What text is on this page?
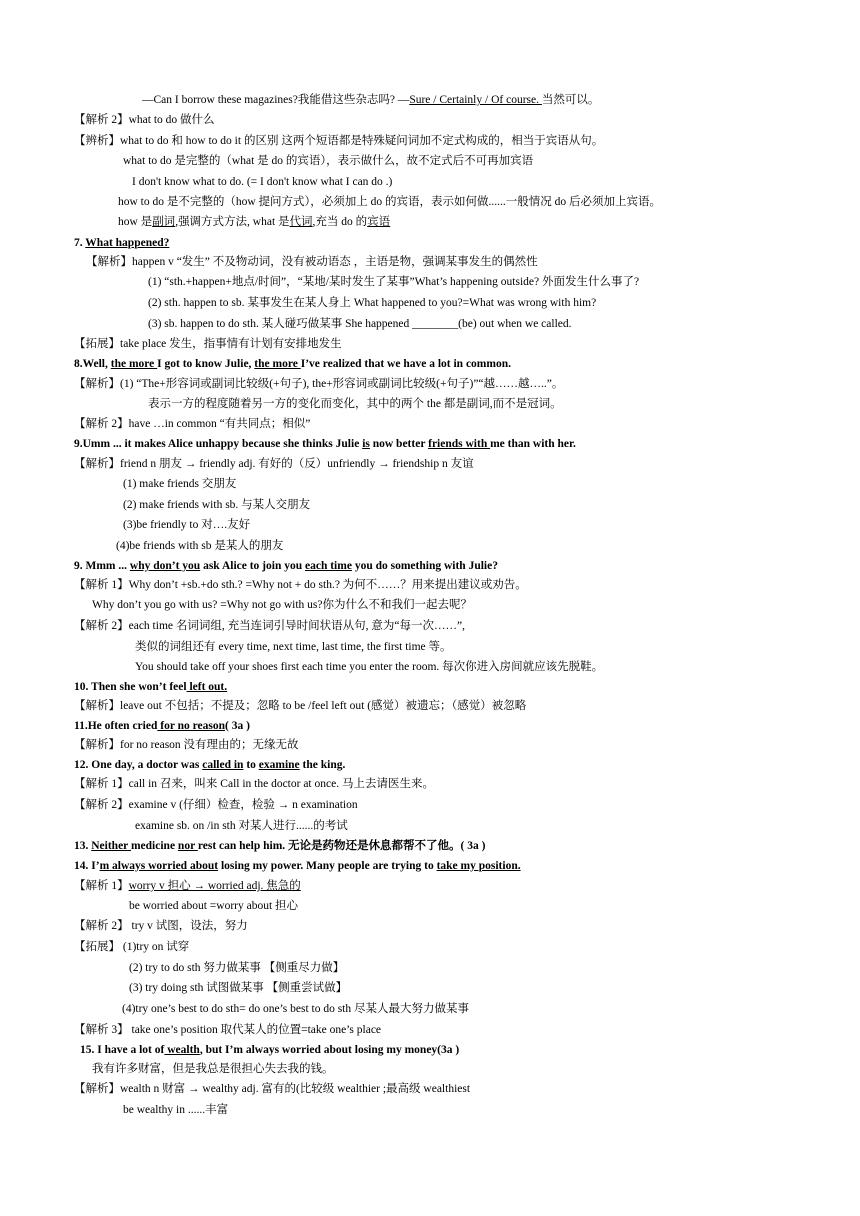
—Can I borrow these magazines?我能借这些杂志吗? —Sure / Certainly / Of course. 当然可以。
【解析 2】what to do 做什么
【辨析】what to do 和 how to do it 的区别 这两个短语都是特殊疑问词加不定式构成的，相当于宾语从句。
what to do 是完整的（what 是 do 的宾语），表示做什么，故不定式后不可再加宾语
I don't know what to do. (= I don't know what I can do .)
how to do 是不完整的（how 提问方式），必须加上 do 的宾语，表示如何做......一般情况 do 后必须加上宾语。
how 是副词,强调方式方法, what 是代词,充当 do 的宾语
7. What happened?
【解析】happen v “发生” 不及物动词，没有被动语态 ，主语是物，强调某事发生的偶然性
(1) “sth.+happen+地点/时间”，“某地/某时发生了某事”What’s happening outside? 外面发生什么事了?
(2) sth. happen to sb. 某事发生在某人身上 What happened to you?=What was wrong with him?
(3) sb. happen to do sth. 某人碰巧做某事 She happened ________(be) out when we called.
【拓展】take place 发生，指事情有计划有安排地发生
8.Well, the more I got to know Julie, the more I’ve realized that we have a lot in common.
【解析】(1) “The+形容词或副词比较级(+句子), the+形容词或副词比较级(+句子)”“越……越…..”。
表示一方的程度随着另一方的变化而变化，其中的两个 the 都是副词,而不是冠词。
【解析 2】have …in common “有共同点；相似”
9.Umm ... it makes Alice unhappy because she thinks Julie is now better friends with me than with her.
【解析】friend n 朋友 → friendly adj. 有好的（反）unfriendly → friendship n 友谊
(1) make friends 交朋友
(2) make friends with sb. 与某人交朋友
(3)be friendly to 对….友好
(4)be friends with sb 是某人的朋友
9. Mmm ... why don’t you ask Alice to join you each time you do something with Julie?
【解析 1】Why don’t +sb.+do sth.? =Why not + do sth.? 为何不……？用来提出建议或劝告。
Why don’t you go with us? =Why not go with us?你为什么不和我们一起去呢？
【解析 2】each time 名词词组, 充当连词引导时间状语从句, 意为“每一次……”,
类似的词组还有 every time, next time, last time, the first time 等。
You should take off your shoes first each time you enter the room. 每次你进入房间就应该先脱鞋。
10. Then she won’t feel left out.
【解析】leave out 不包括；不提及；忽略 to be /feel left out (感觉）被遗忘；（感觉）被忽略
11.He often cried for no reason( 3a )
【解析】for no reason 没有理由的；无缘无故
12. One day, a doctor was called in to examine the king.
【解析 1】call in 召来，叫来 Call in the doctor at once. 马上去请医生来。
【解析 2】examine v (仔细）检查，检验 → n examination
examine sb. on /in sth 对某人进行......的考试
13. Neither medicine nor rest can help him. 无论是药物还是休息都帮不了他。( 3a )
14. I’m always worried about losing my power. Many people are trying to take my position.
【解析 1】worry v 担心 → worried adj. 焦急的
be worried about =worry about 担心
【解析 2】 try v 试图，设法，努力
【拓展】 (1)try on 试穿
(2) try to do sth 努力做某事 【侧重尽力做】
(3) try doing sth 试图做某事 【侧重尝试做】
(4)try one’s best to do sth= do one’s best to do sth 尽某人最大努力做某事
【解析 3】 take one’s position 取代某人的位置=take one’s place
15. I have a lot of wealth, but I’m always worried about losing my money(3a )
我有许多财富，但是我总是很担心失去我的钱。
【解析】wealth n 财富 → wealthy adj. 富有的(比较级 wealthier ;最高级 wealthiest
be wealthy in ......丰富
